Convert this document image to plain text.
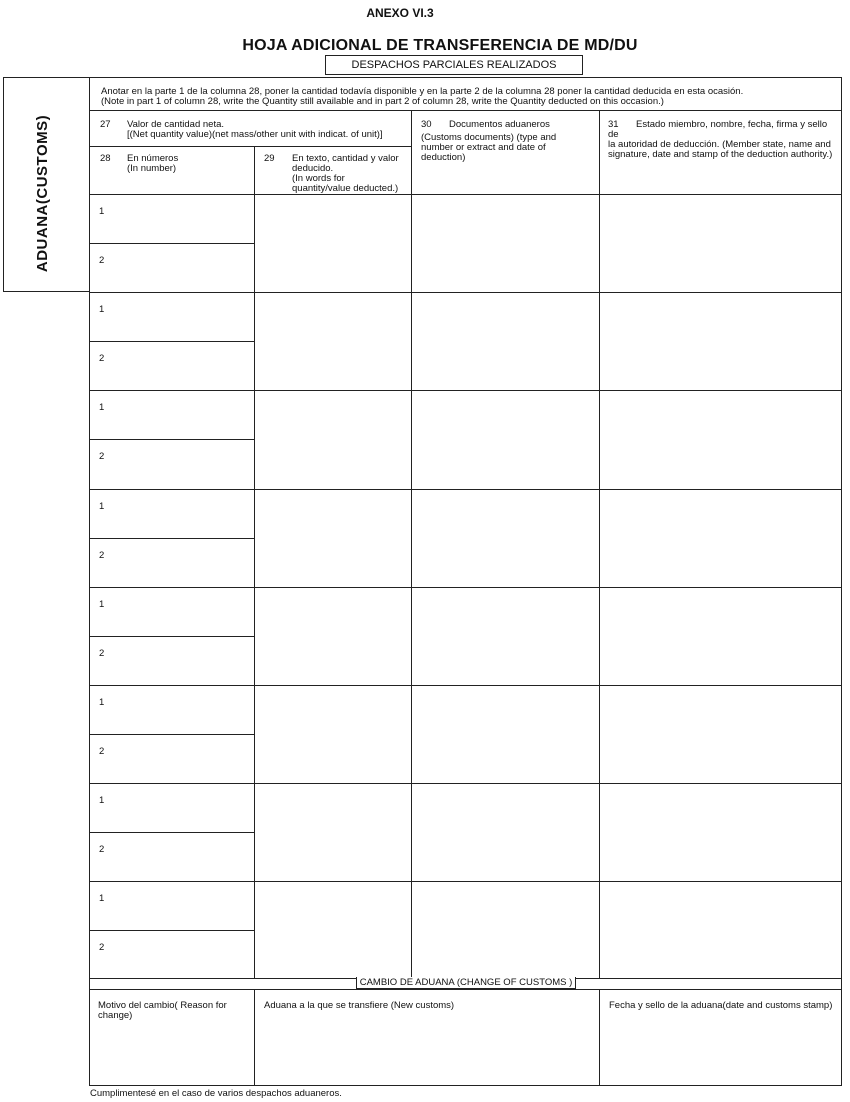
ANEXO VI.3
HOJA ADICIONAL DE TRANSFERENCIA DE MD/DU
DESPACHOS PARCIALES REALIZADOS
ADUANA(CUSTOMS)
Anotar en la parte 1 de la columna 28, poner la cantidad todavía disponible y en la parte 2 de la columna 28 poner la cantidad deducida en esta ocasión.
(Note in part 1 of column 28, write the Quantity still available and in part 2 of column 28, write the Quantity deducted on this occasion.)
27 Valor de cantidad neta.
[(Net quantity value)(net mass/other unit with indicat. of unit)]
28 En números
(In number)
29 En texto, cantidad y valor
deducido.
(In words for
quantity/value deducted.)
30 Documentos aduaneros
(Customs documents) (type and
number or extract and date of
deduction)
31	Estado miembro, nombre, fecha, firma y sello de
la autoridad de deducción. (Member state, name and
signature, date and stamp of the deduction authority.)
1
2
1
2
1
2
1
2
1
2
1
2
1
2
1
2
CAMBIO DE ADUANA (CHANGE OF CUSTOMS )
Motivo del cambio( Reason for
change)
Aduana a la que se transfiere (New customs)	Fecha y sello de la aduana(date and customs stamp)
Cumplimentesé en el caso de varios despachos aduaneros.
